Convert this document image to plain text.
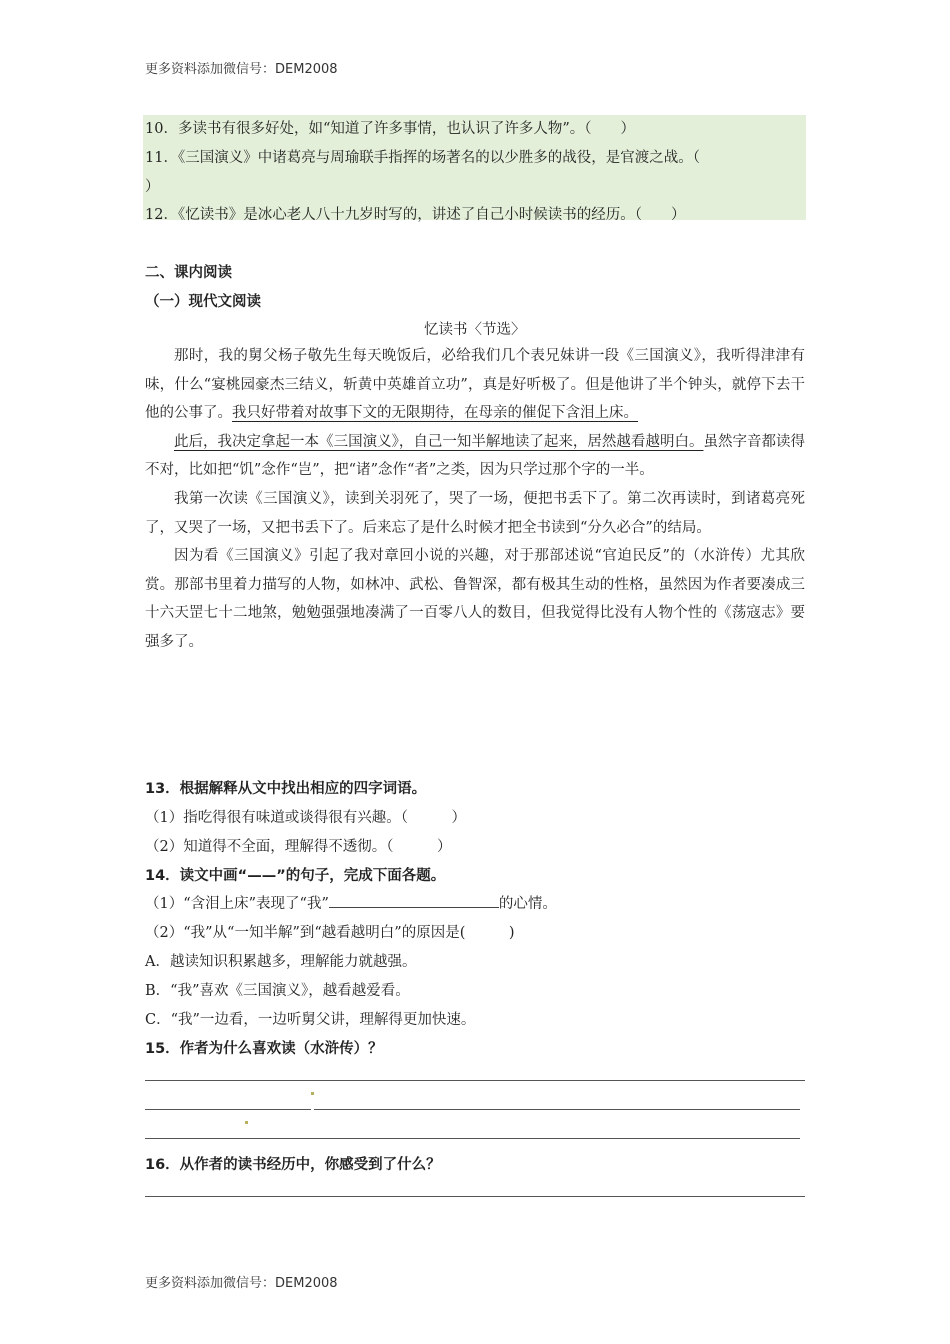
更多资料添加微信号：DEM2008
10．多读书有很多好处，如“知道了许多事情，也认识了许多人物”。（　　）
11．《三国演义》中诸葛亮与周瑜联手指挥的场著名的以少胜多的战役，是官渡之战。（
）
12．《忆读书》是冰心老人八十九岁时写的，讲述了自己小时候读书的经历。（　　）
二、课内阅读
（一）现代文阅读
忆读书〈节选〉

那时，我的舅父杨子敬先生每天晚饭后，必给我们几个表兄妹讲一段《三国演义》，我听得津津有味，什么“宴桃园豪杰三结义，斩黄中英雄首立功”，真是好听极了。但是他讲了半个钟头，就停下去干他的公事了。我只好带着对故事下文的无限期待，在母亲的催促下含泪上床。

此后，我决定拿起一本《三国演义》，自己一知半解地读了起来，居然越看越明白。虽然字音都读得不对，比如把“饥”念作“岂”，把“诸”念作“者”之类，因为只学过那个字的一半。

我第一次读《三国演义》，读到关羽死了，哭了一场，便把书丢下了。第二次再读时，到诸葛亮死了，又哭了一场，又把书丢下了。后来忘了是什么时候才把全书读到“分久必合”的结局。

因为看《三国演义》引起了我对章回小说的兴趣，对于那部述说“官迫民反”的（水浒传）尤其欣赏。那部书里着力描写的人物，如林冲、武松、鲁智深，都有极其生动的性格，虽然因为作者要凑成三十六天罡七十二地煞，勉勉强强地凑满了一百零八人的数目，但我觉得比没有人物个性的《荡寇志》要强多了。

13．根据解释从文中找出相应的四字词语。
（1）指吃得很有味道或谈得很有兴趣。（　　　）
（2）知道得不全面，理解得不透彻。（　　　）
14．读文中画“——”的句子，完成下面各题。
（1）“含泪上床”表现了“我”	的心情。
（2）“我”从“一知半解”到“越看越明白”的原因是(　　　)
A．越读知识积累越多，理解能力就越强。
B．“我”喜欢《三国演义》，越看越爱看。
C．“我”一边看，一边听舅父讲，理解得更加快速。
15．作者为什么喜欢读（水浒传）？
16．从作者的读书经历中，你感受到了什么？
更多资料添加微信号：DEM2008
